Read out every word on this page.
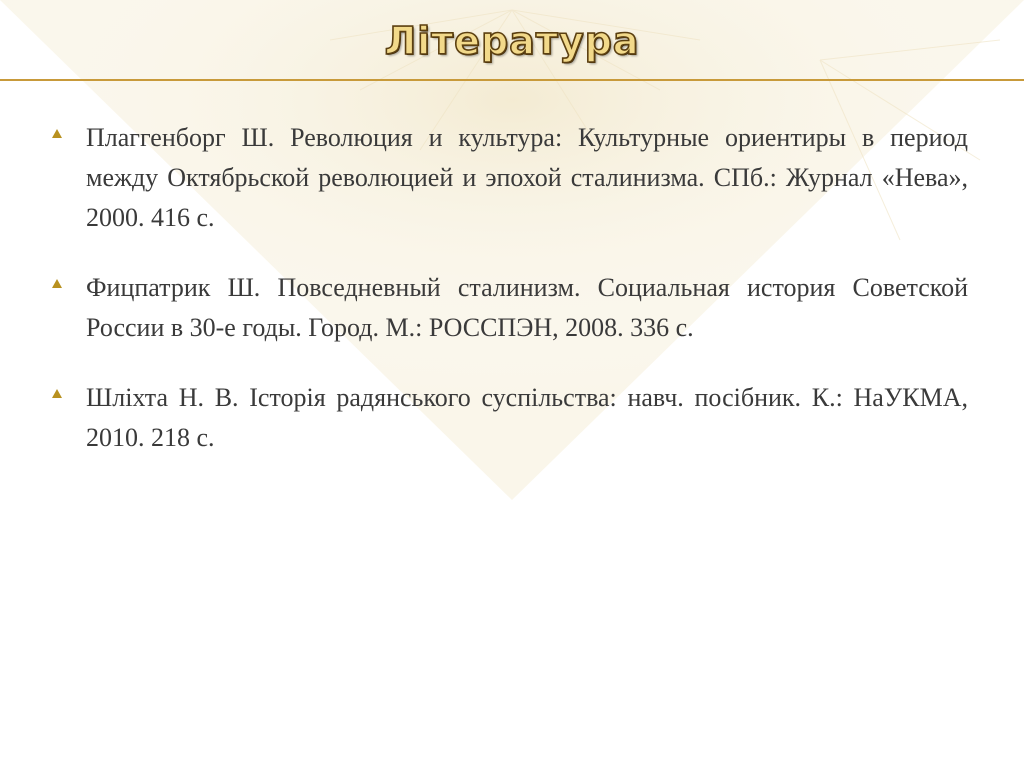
Література
Плаггенборг Ш. Революция и культура: Культурные ориентиры в период между Октябрьской революцией и эпохой сталинизма. СПб.: Журнал «Нева», 2000. 416 с.
Фицпатрик Ш. Повседневный сталинизм. Социальная история Советской России в 30-е годы. Город. М.: РОССПЭН, 2008. 336 с.
Шліхта Н. В. Історія радянського суспільства: навч. посібник. К.: НаУКМА, 2010. 218 с.
